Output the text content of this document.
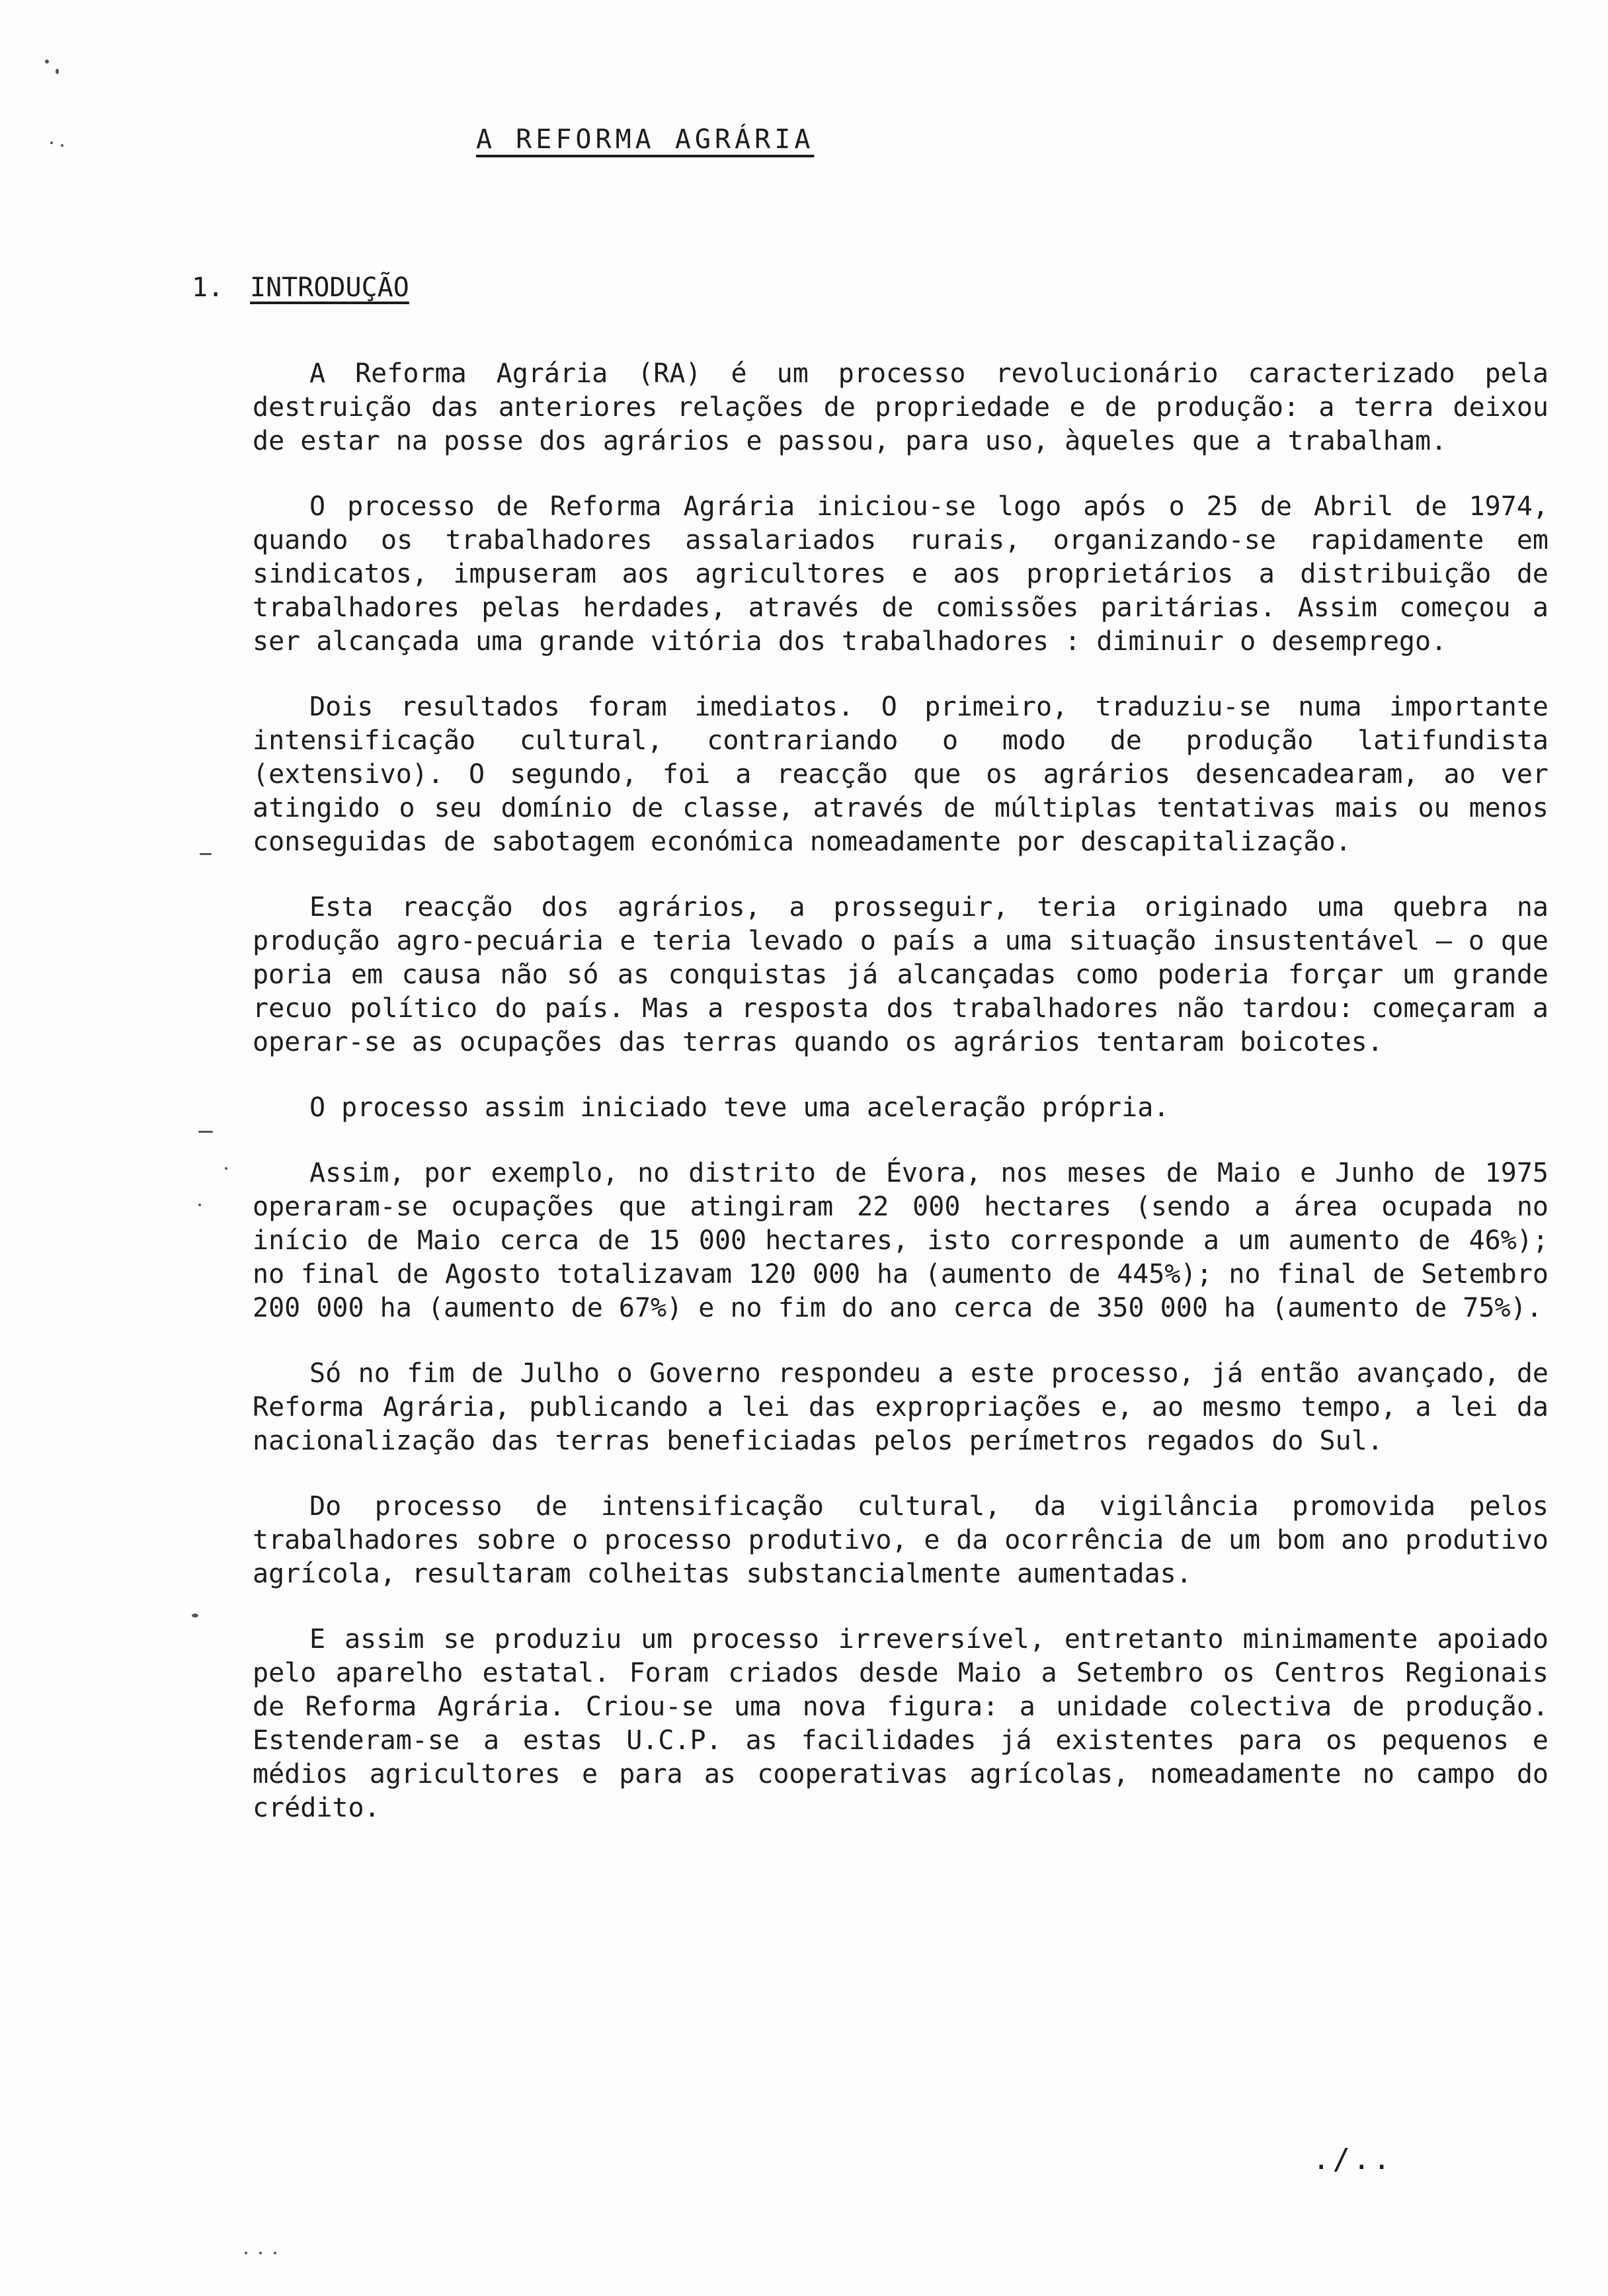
A REFORMA AGRÁRIA
1. INTRODUÇÃO

A Reforma Agrária (RA) é um processo revolucionário caracterizado pela destruição das anteriores relações de propriedade e de produção: a terra deixou de estar na posse dos agrários e passou, para uso, àqueles que a trabalham.

O processo de Reforma Agrária iniciou-se logo após o 25 de Abril de 1974, quando os trabalhadores assalariados rurais, organizando-se rapidamente em sindicatos, impuseram aos agricultores e aos proprietários a distribuição de trabalhadores pelas herdades, através de comissões paritárias. Assim começou a ser alcançada uma grande vitória dos trabalhadores : diminuir o desemprego.

Dois resultados foram imediatos. O primeiro, traduziu-se numa importante intensificação cultural, contrariando o modo de produção latifundista (extensivo). O segundo, foi a reacção que os agrários desencadearam, ao ver atingido o seu domínio de classe, através de múltiplas tentativas mais ou menos conseguidas de sabotagem económica nomeadamente por descapitalização.

Esta reacção dos agrários, a prosseguir, teria originado uma quebra na produção agro-pecuária e teria levado o país a uma situação insustentável — o que poria em causa não só as conquistas já alcançadas como poderia forçar um grande recuo político do país. Mas a resposta dos trabalhadores não tardou: começaram a operar-se as ocupações das terras quando os agrários tentaram boicotes.

O processo assim iniciado teve uma aceleração própria.

Assim, por exemplo, no distrito de Évora, nos meses de Maio e Junho de 1975 operaram-se ocupações que atingiram 22 000 hectares (sendo a área ocupada no início de Maio cerca de 15 000 hectares, isto corresponde a um aumento de 46%); no final de Agosto totalizavam 120 000 ha (aumento de 445%); no final de Setembro 200 000 ha (aumento de 67%) e no fim do ano cerca de 350 000 ha (aumento de 75%).

Só no fim de Julho o Governo respondeu a este processo, já então avançado, de Reforma Agrária, publicando a lei das expropriações e, ao mesmo tempo, a lei da nacionalização das terras beneficiadas pelos perímetros regados do Sul.

Do processo de intensificação cultural, da vigilância promovida pelos trabalhadores sobre o processo produtivo, e da ocorrência de um bom ano produtivo agrícola, resultaram colheitas substancialmente aumentadas.

E assim se produziu um processo irreversível, entretanto minimamente apoiado pelo aparelho estatal. Foram criados desde Maio a Setembro os Centros Regionais de Reforma Agrária. Criou-se uma nova figura: a unidade colectiva de produção. Estenderam-se a estas U.C.P. as facilidades já existentes para os pequenos e médios agricultores e para as cooperativas agrícolas, nomeadamente no campo do crédito.

./..
